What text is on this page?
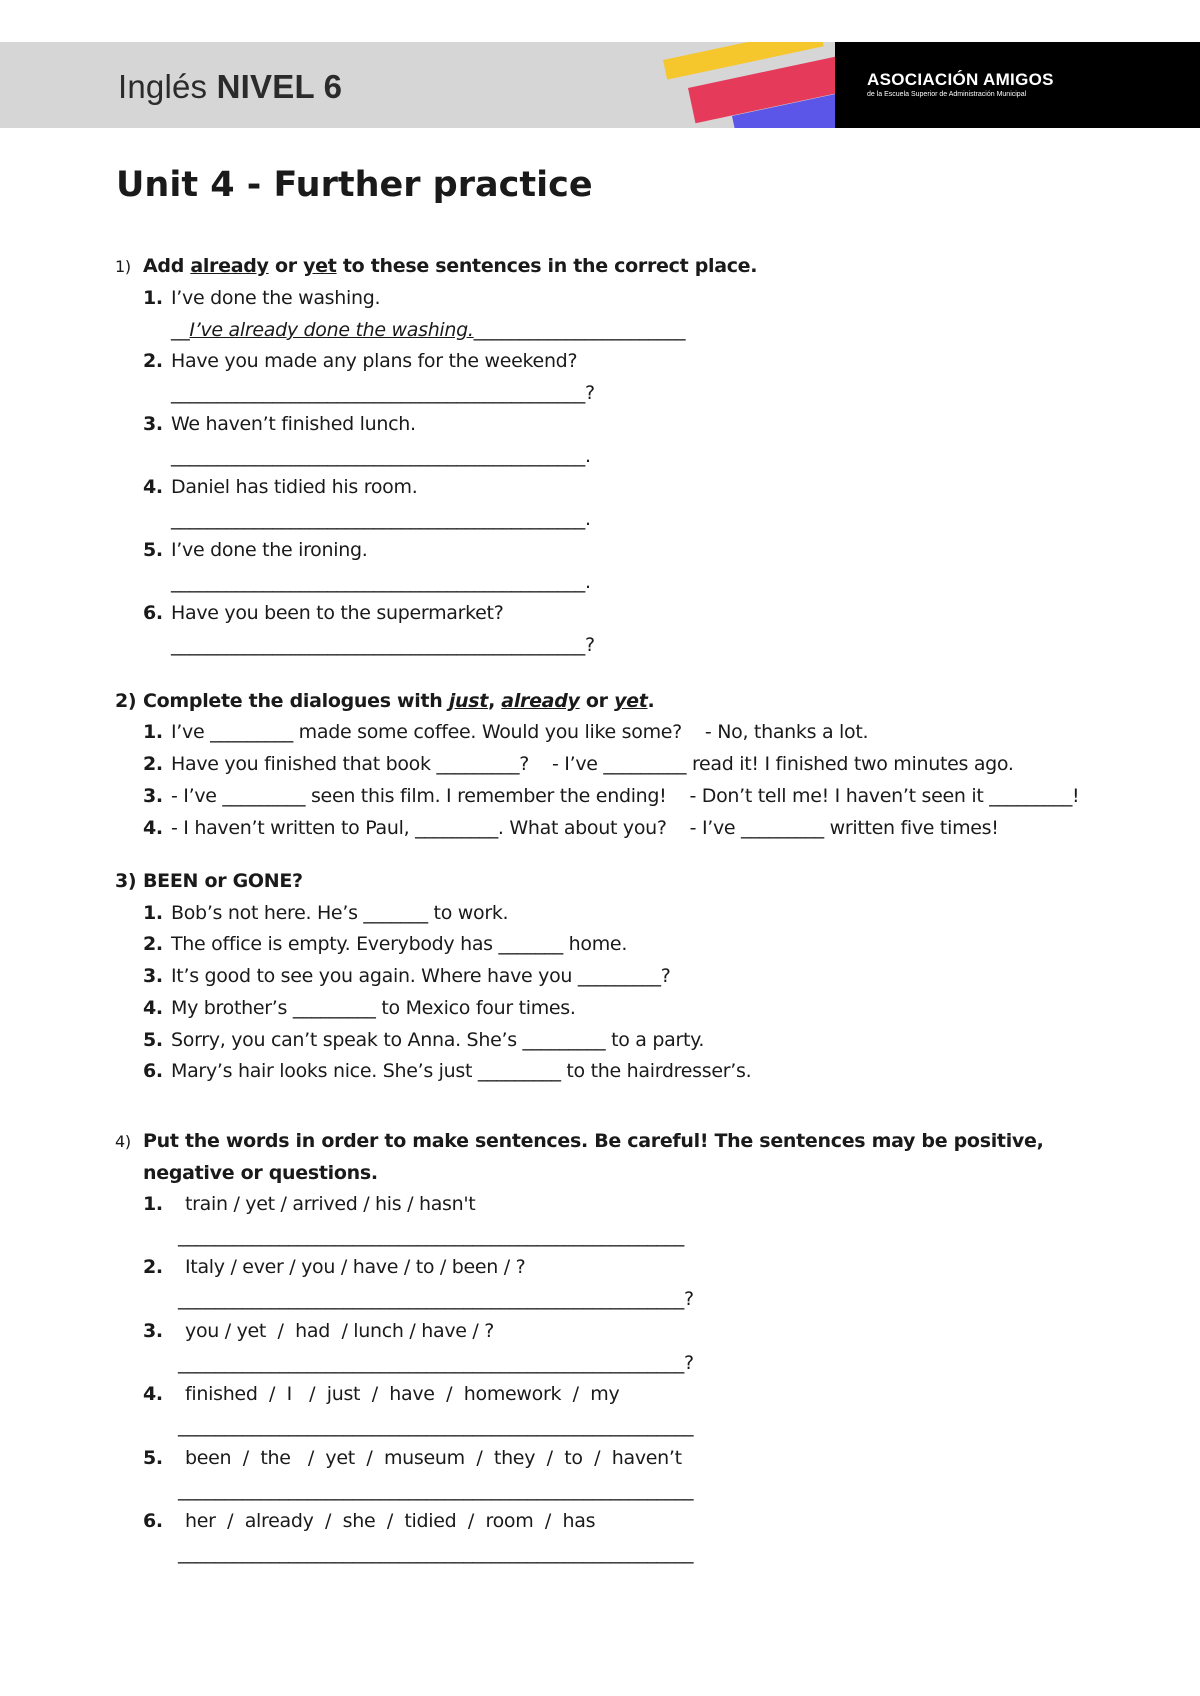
Inglés NIVEL 6	ASOCIACIÓN AMIGOS
de la Escuela Superior de Administración Municipal
Unit 4 - Further practice
1) Add already or yet to these sentences in the correct place.
1. I’ve done the washing.
__I’ve already done the washing._______________________
2. Have you made any plans for the weekend?
_____________________________________________?
3. We haven’t finished lunch.
_____________________________________________.
4. Daniel has tidied his room.
_____________________________________________.
5. I’ve done the ironing.
_____________________________________________.
6. Have you been to the supermarket?
_____________________________________________?
2) Complete the dialogues with just, already or yet.
1. I’ve _________ made some coffee. Would you like some?    - No, thanks a lot.
2. Have you finished that book _________?    - I’ve _________ read it! I finished two minutes ago.
3. - I’ve _________ seen this film. I remember the ending!    - Don’t tell me! I haven’t seen it _________!
4. - I haven’t written to Paul, _________. What about you?    - I’ve _________ written five times!
3) BEEN or GONE?
1. Bob’s not here. He’s _______ to work.
2. The office is empty. Everybody has _______ home.
3. It’s good to see you again. Where have you _________?
4. My brother’s _________ to Mexico four times.
5. Sorry, you can’t speak to Anna. She’s _________ to a party.
6. Mary’s hair looks nice. She’s just _________ to the hairdresser’s.
4) Put the words in order to make sentences. Be careful! The sentences may be positive,
negative or questions.
1. train / yet / arrived / his / hasn't
_______________________________________________________
2. Italy / ever / you / have / to / been / ?
_______________________________________________________?
3. you / yet  /  had  / lunch / have / ?
_______________________________________________________?
4. finished  /  I   /  just  /  have  /  homework  /  my
________________________________________________________
5. been  /  the   /  yet  /  museum  /  they  /  to  /  haven’t
________________________________________________________
6. her  /  already  /  she  /  tidied  /  room  /  has
________________________________________________________
